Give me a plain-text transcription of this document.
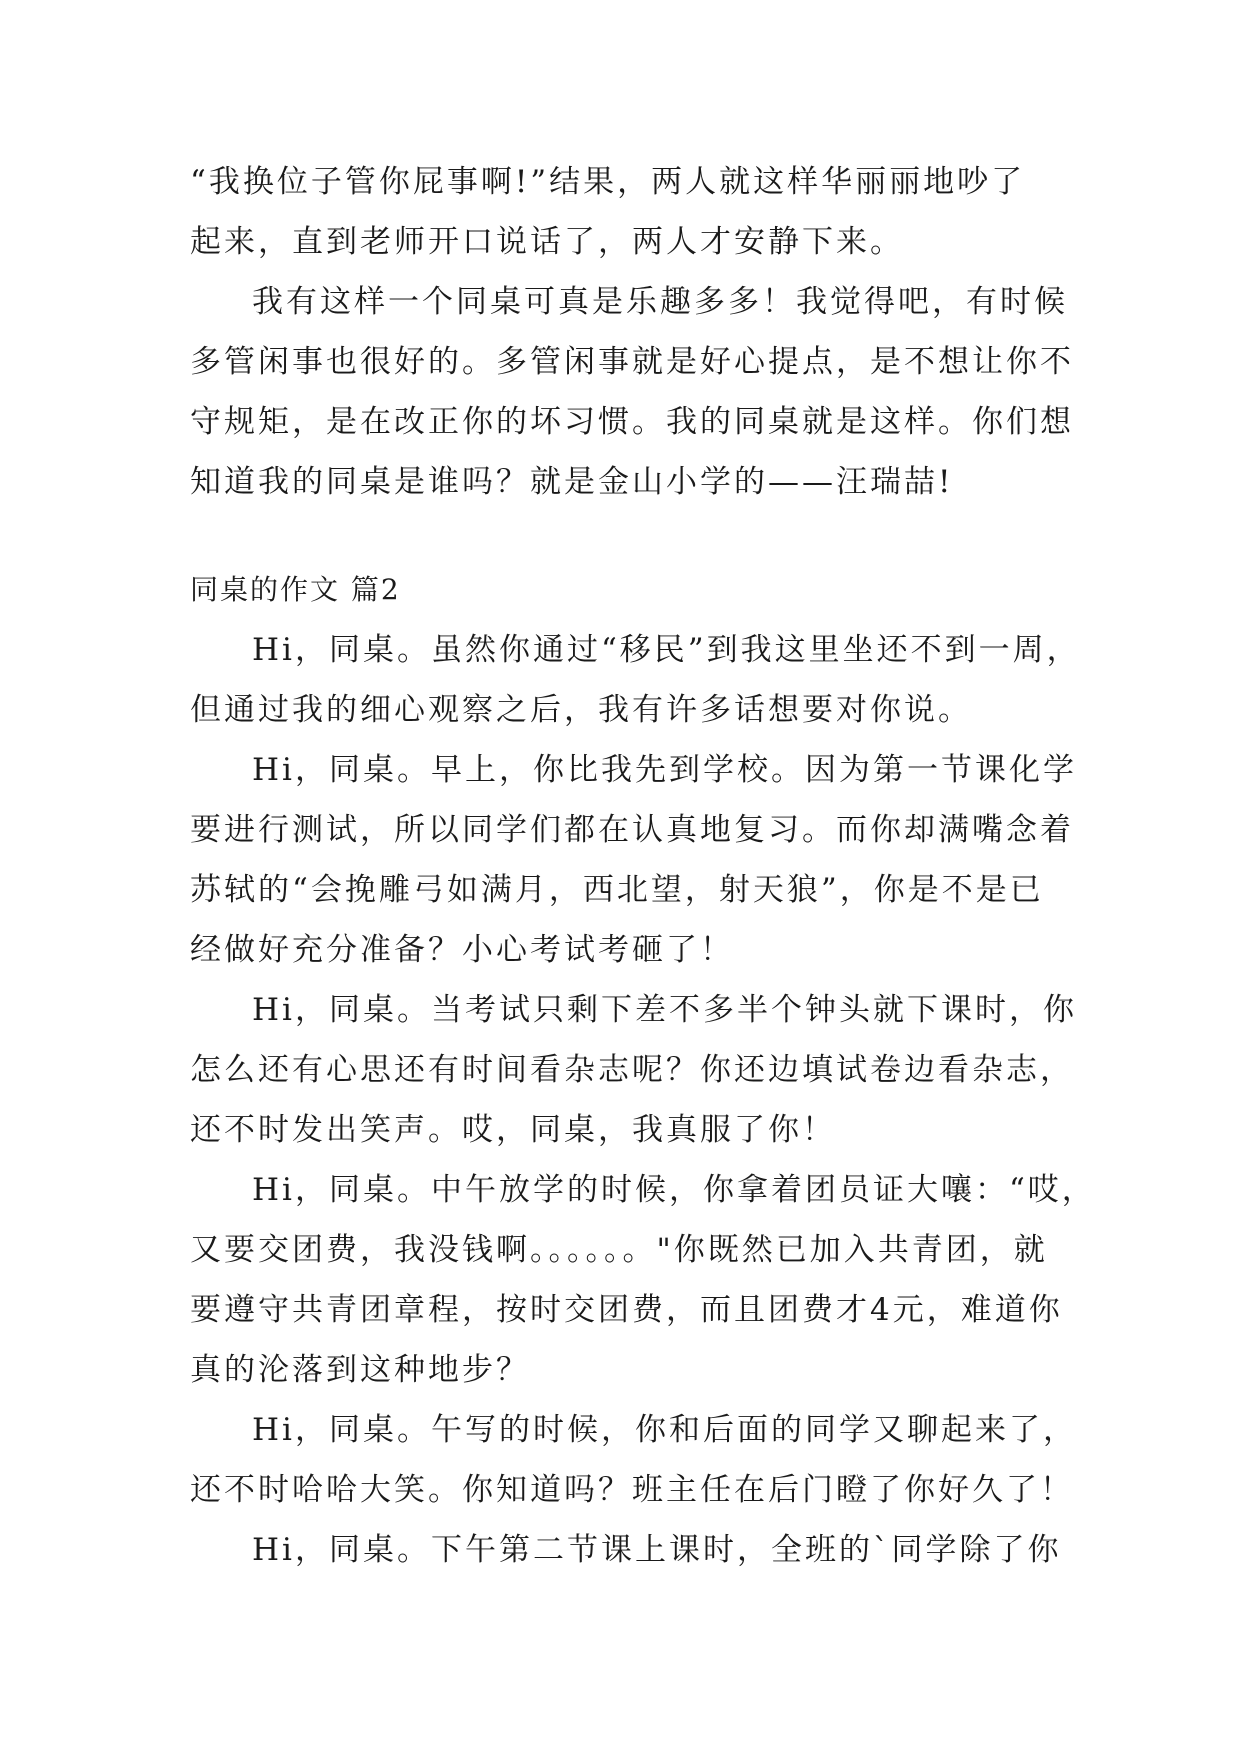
“我换位子管你屁事啊!”结果，两人就这样华丽丽地吵了
起来，直到老师开口说话了，两人才安静下来。
我有这样一个同桌可真是乐趣多多！我觉得吧，有时候
多管闲事也很好的。多管闲事就是好心提点，是不想让你不
守规矩，是在改正你的坏习惯。我的同桌就是这样。你们想
知道我的同桌是谁吗？就是金山小学的——汪瑞喆!
同桌的作文 篇2
Hi，同桌。虽然你通过“移民”到我这里坐还不到一周，
但通过我的细心观察之后，我有许多话想要对你说。
Hi，同桌。早上，你比我先到学校。因为第一节课化学
要进行测试，所以同学们都在认真地复习。而你却满嘴念着
苏轼的“会挽雕弓如满月，西北望，射天狼”，你是不是已
经做好充分准备？小心考试考砸了！
Hi，同桌。当考试只剩下差不多半个钟头就下课时，你
怎么还有心思还有时间看杂志呢？你还边填试卷边看杂志，
还不时发出笑声。哎，同桌，我真服了你！
Hi，同桌。中午放学的时候，你拿着团员证大嚷：“哎，
又要交团费，我没钱啊。。。。。。"你既然已加入共青团，就
要遵守共青团章程，按时交团费，而且团费才4元，难道你
真的沦落到这种地步？
Hi，同桌。午写的时候，你和后面的同学又聊起来了，
还不时哈哈大笑。你知道吗？班主任在后门瞪了你好久了！
Hi，同桌。下午第二节课上课时，全班的`同学除了你
